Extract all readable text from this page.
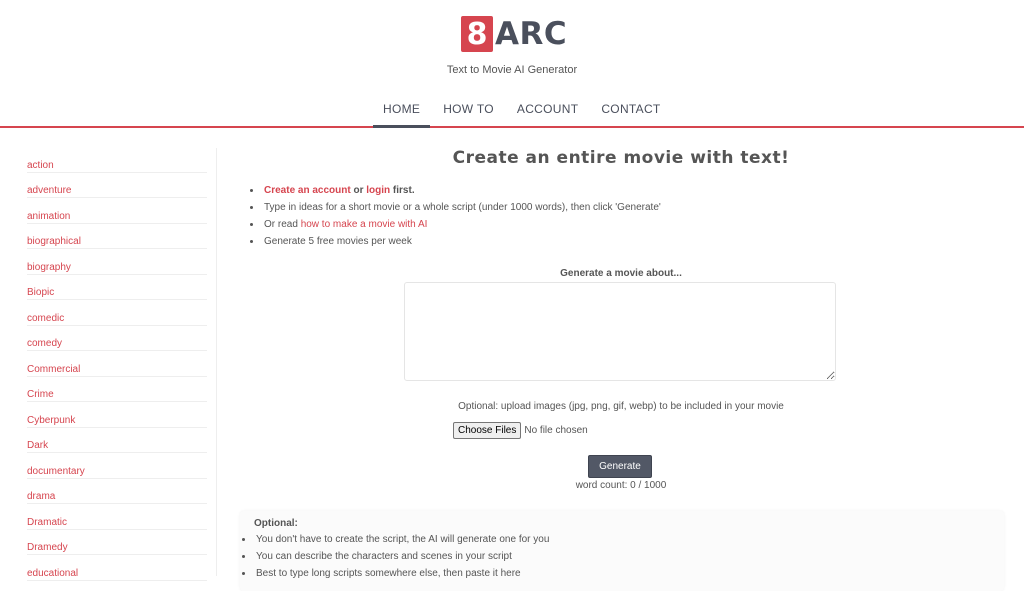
8 ARC
Text to Movie AI Generator
HOME	HOW TO	ACCOUNT	CONTACT
action
adventure
animation
biographical
biography
Biopic
comedic
comedy
Commercial
Crime
Cyberpunk
Dark
documentary
drama
Dramatic
Dramedy
educational
Create an entire movie with text!
• Create an account or login first.
• Type in ideas for a short movie or a whole script (under 1000 words), then click 'Generate'
• Or read how to make a movie with AI
• Generate 5 free movies per week
Generate a movie about...
Optional: upload images (jpg, png, gif, webp) to be included in your movie
Choose Files No file chosen
Generate
word count: 0 / 1000
Optional:
• You don't have to create the script, the AI will generate one for you
• You can describe the characters and scenes in your script
• Best to type long scripts somewhere else, then paste it here
